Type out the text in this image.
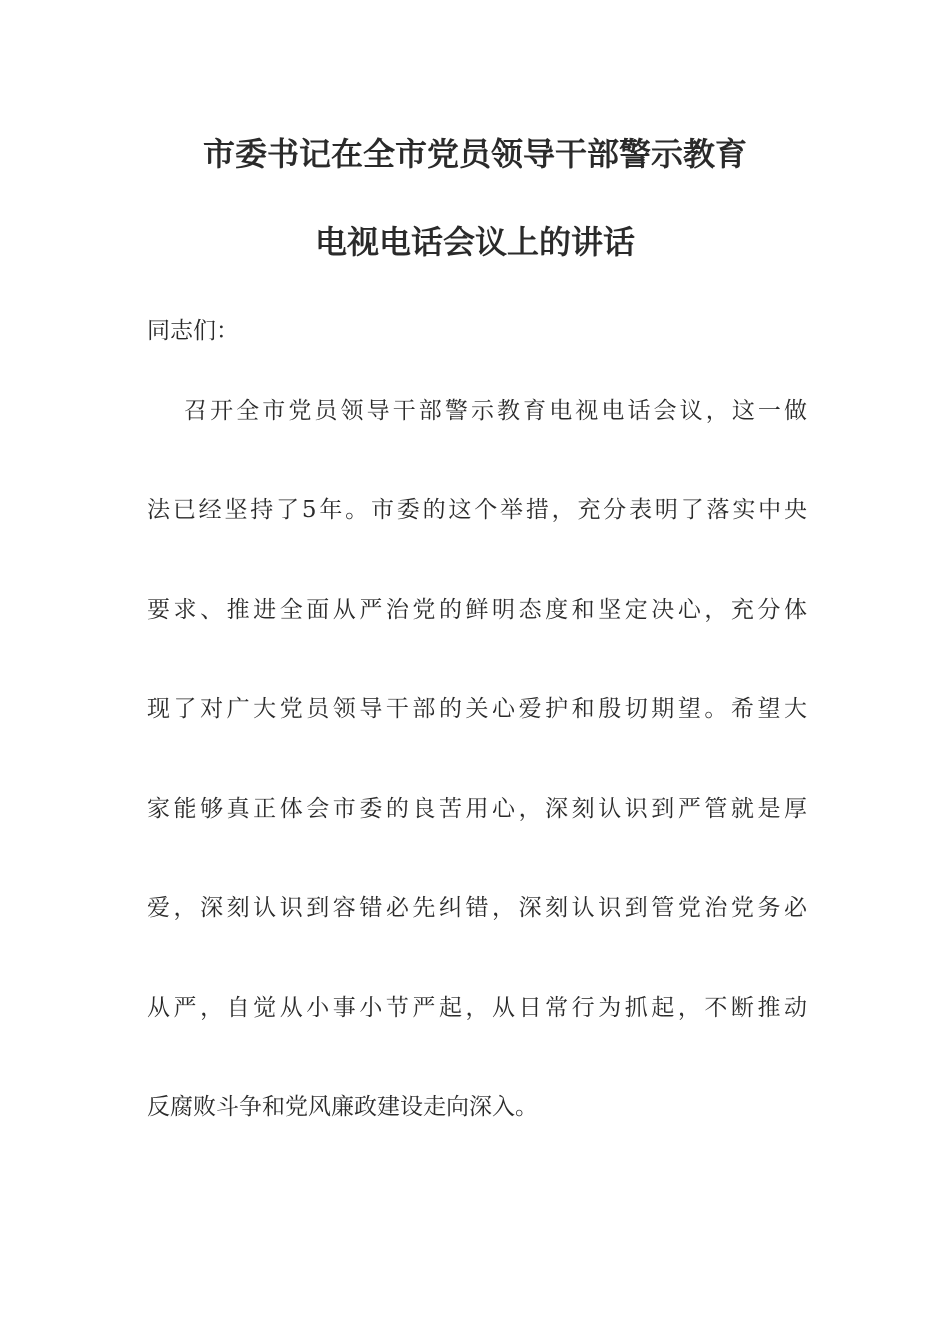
市委书记在全市党员领导干部警示教育
电视电话会议上的讲话
同志们：
召开全市党员领导干部警示教育电视电话会议，这一做
法已经坚持了5年。市委的这个举措，充分表明了落实中央
要求、推进全面从严治党的鲜明态度和坚定决心，充分体
现了对广大党员领导干部的关心爱护和殷切期望。希望大
家能够真正体会市委的良苦用心，深刻认识到严管就是厚
爱，深刻认识到容错必先纠错，深刻认识到管党治党务必
从严，自觉从小事小节严起，从日常行为抓起，不断推动
反腐败斗争和党风廉政建设走向深入。
